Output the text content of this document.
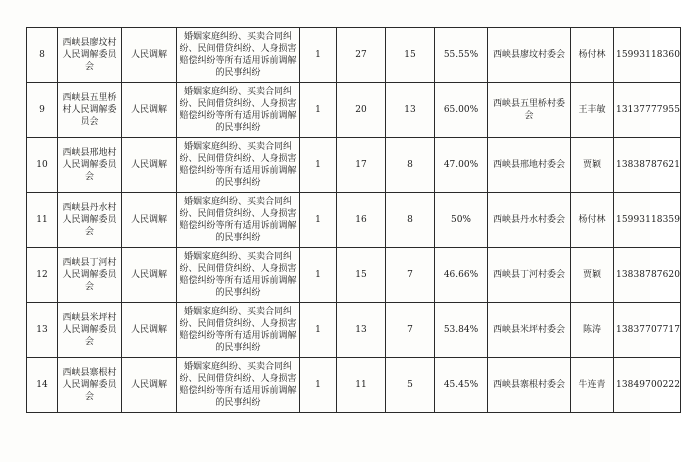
8	西峡县廖坟村人民调解委员会	人民调解	婚姻家庭纠纷、买卖合同纠纷、民间借贷纠纷、人身损害赔偿纠纷等所有适用诉前调解的民事纠纷	1	27	15	55.55%	西峡县廖坟村委会	杨付林	15993118360
9	西峡县五里桥村人民调解委员会	人民调解	婚姻家庭纠纷、买卖合同纠纷、民间借贷纠纷、人身损害赔偿纠纷等所有适用诉前调解的民事纠纷	1	20	13	65.00%	西峡县五里桥村委会	王丰敏	13137777955
10	西峡县邢地村人民调解委员会	人民调解	婚姻家庭纠纷、买卖合同纠纷、民间借贷纠纷、人身损害赔偿纠纷等所有适用诉前调解的民事纠纷	1	17	8	47.00%	西峡县邢地村委会	贾颖	13838787621
11	西峡县丹水村人民调解委员会	人民调解	婚姻家庭纠纷、买卖合同纠纷、民间借贷纠纷、人身损害赔偿纠纷等所有适用诉前调解的民事纠纷	1	16	8	50%	西峡县丹水村委会	杨付林	15993118359
12	西峡县丁河村人民调解委员会	人民调解	婚姻家庭纠纷、买卖合同纠纷、民间借贷纠纷、人身损害赔偿纠纷等所有适用诉前调解的民事纠纷	1	15	7	46.66%	西峡县丁河村委会	贾颖	13838787620
13	西峡县米坪村人民调解委员会	人民调解	婚姻家庭纠纷、买卖合同纠纷、民间借贷纠纷、人身损害赔偿纠纷等所有适用诉前调解的民事纠纷	1	13	7	53.84%	西峡县米坪村委会	陈涛	13837707717
14	西峡县寨根村人民调解委员会	人民调解	婚姻家庭纠纷、买卖合同纠纷、民间借贷纠纷、人身损害赔偿纠纷等所有适用诉前调解的民事纠纷	1	11	5	45.45%	西峡县寨根村委会	牛连青	13849700222
